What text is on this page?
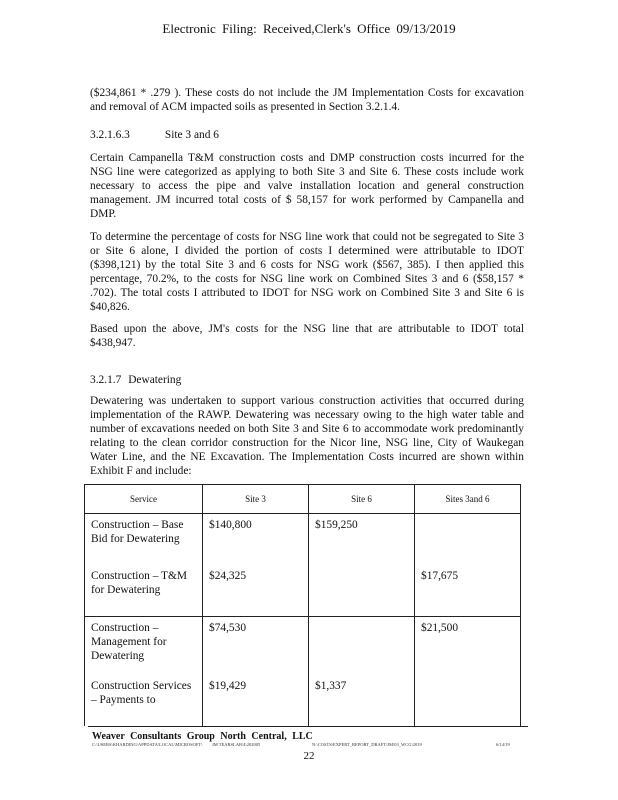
Electronic Filing: Received,Clerk's Office 09/13/2019

($234,861 * .279 ). These costs do not include the JM Implementation Costs for excavation and removal of ACM impacted soils as presented in Section 3.2.1.4.

3.2.1.6.3	Site 3 and 6

Certain Campanella T&M construction costs and DMP construction costs incurred for the NSG line were categorized as applying to both Site 3 and Site 6. These costs include work necessary to access the pipe and valve installation location and general construction management. JM incurred total costs of $ 58,157 for work performed by Campanella and DMP.

To determine the percentage of costs for NSG line work that could not be segregated to Site 3 or Site 6 alone, I divided the portion of costs I determined were attributable to IDOT ($398,121) by the total Site 3 and 6 costs for NSG work ($567, 385). I then applied this percentage, 70.2%, to the costs for NSG line work on Combined Sites 3 and 6 ($58,157 * .702). The total costs I attributed to IDOT for NSG work on Combined Site 3 and Site 6 is $40,826.

Based upon the above, JM's costs for the NSG line that are attributable to IDOT total $438,947.

3.2.1.7 Dewatering

Dewatering was undertaken to support various construction activities that occurred during implementation of the RAWP. Dewatering was necessary owing to the high water table and number of excavations needed on both Site 3 and Site 6 to accommodate work predominantly relating to the clean corridor construction for the Nicor line, NSG line, City of Waukegan Water Line, and the NE Excavation. The Implementation Costs incurred are shown within Exhibit F and include:

Service	Site 3	Site 6	Sites 3and 6
Construction – Base Bid for Dewatering	$140,800	$159,250	
Construction – T&M for Dewatering	$24,325		$17,675
Construction – Management for Dewatering	$74,530		$21,500
Construction Services – Payments to	$19,429	$1,337	
Weaver Consultants Group North Central, LLC
C:\USERS\KHARDING\APPDATA\LOCAL\MICROSOFT\ JM TEARSLAB\4\202005	N:\COSTS\EXPERT_REPORT_DRAFT\JM\03_WCG\2019	6/14/19
22
